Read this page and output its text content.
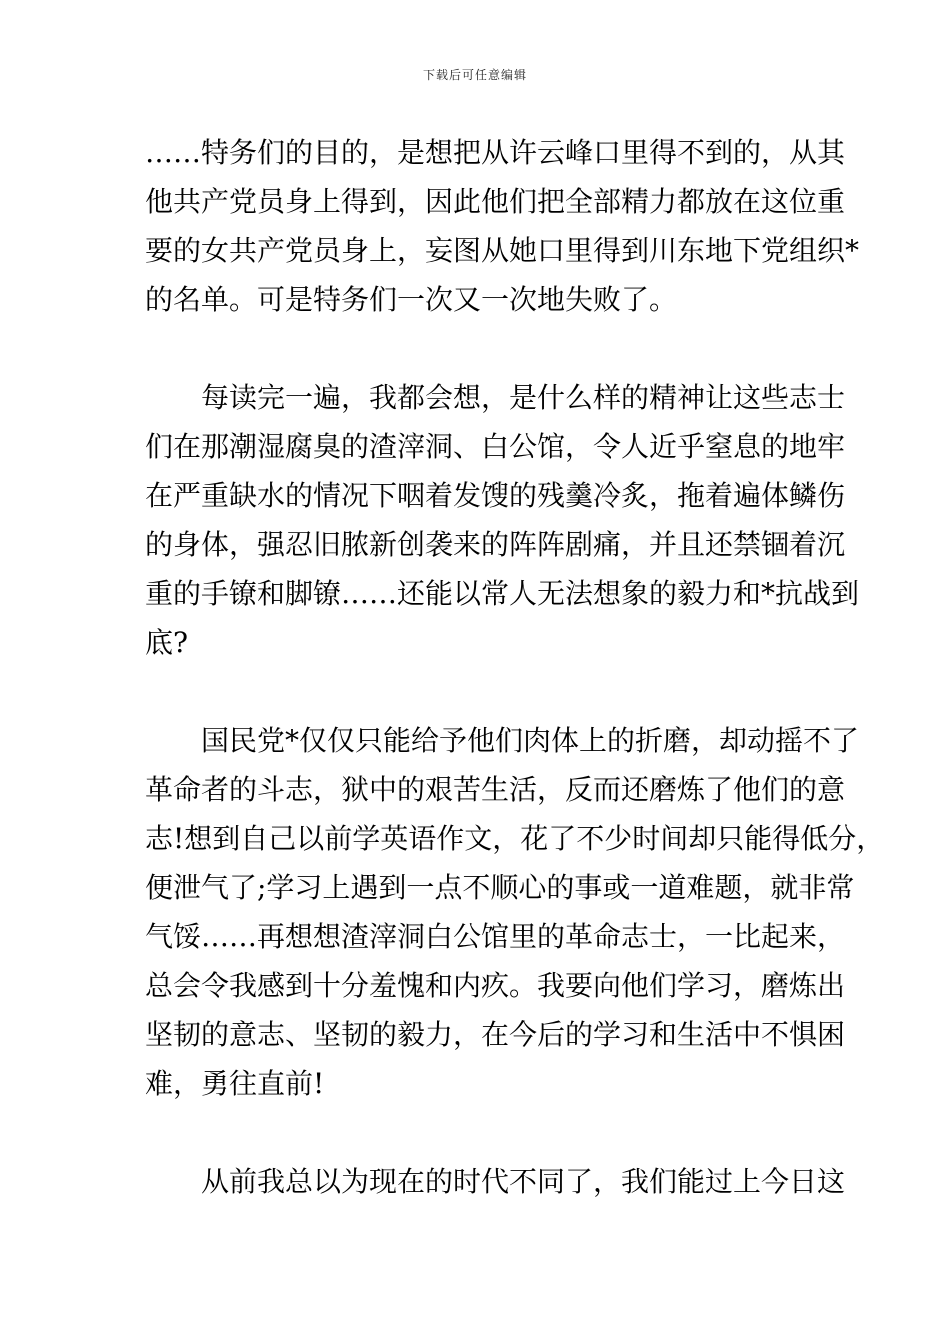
下载后可任意编辑
……特务们的目的，是想把从许云峰口里得不到的，从其
他共产党员身上得到，因此他们把全部精力都放在这位重
要的女共产党员身上，妄图从她口里得到川东地下党组织*
的名单。可是特务们一次又一次地失败了。
每读完一遍，我都会想，是什么样的精神让这些志士
们在那潮湿腐臭的渣滓洞、白公馆，令人近乎窒息的地牢
在严重缺水的情况下咽着发馊的残羹冷炙，拖着遍体鳞伤
的身体，强忍旧脓新创袭来的阵阵剧痛，并且还禁锢着沉
重的手镣和脚镣……还能以常人无法想象的毅力和*抗战到
底?
国民党*仅仅只能给予他们肉体上的折磨，却动摇不了
革命者的斗志，狱中的艰苦生活，反而还磨炼了他们的意
志!想到自己以前学英语作文，花了不少时间却只能得低分，
便泄气了;学习上遇到一点不顺心的事或一道难题，就非常
气馁……再想想渣滓洞白公馆里的革命志士，一比起来，
总会令我感到十分羞愧和内疚。我要向他们学习，磨炼出
坚韧的意志、坚韧的毅力，在今后的学习和生活中不惧困
难，勇往直前!
从前我总以为现在的时代不同了，我们能过上今日这
